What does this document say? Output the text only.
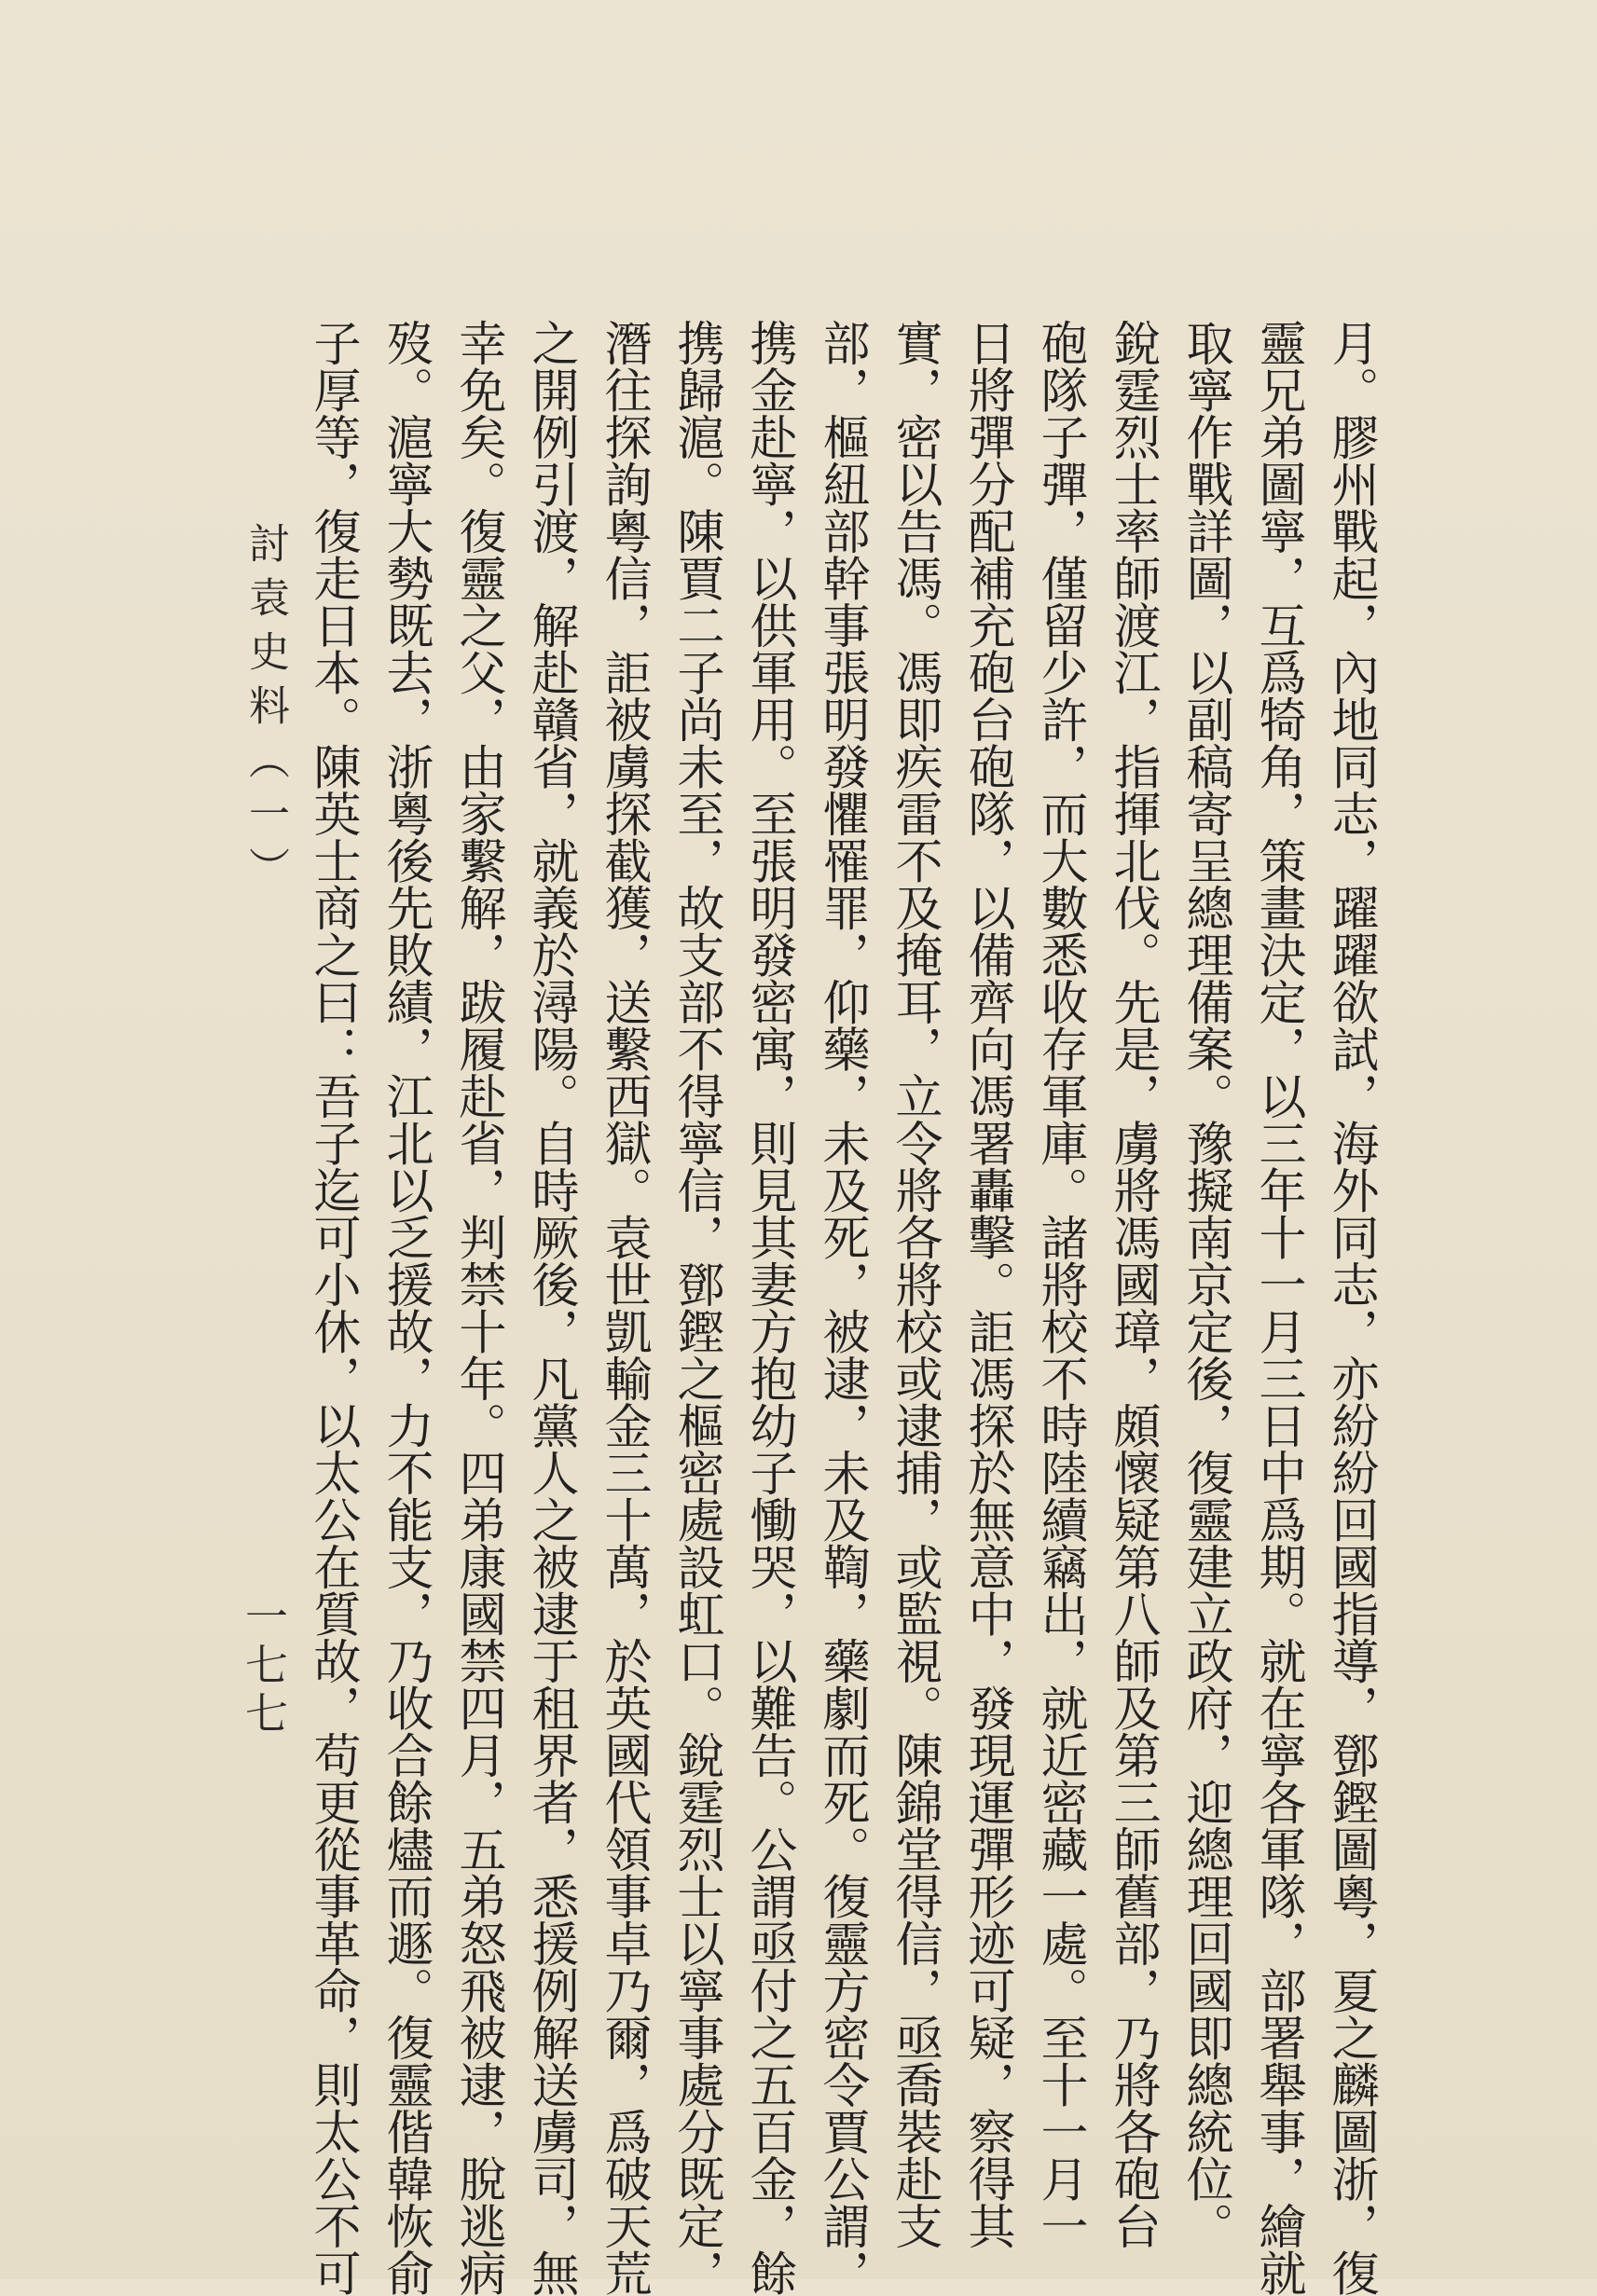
月。膠州戰起，內地同志，躍躍欲試，海外同志，亦紛紛回國指導，鄧鏗圖粵，夏之麟圖浙，復
靈兄弟圖寧，互爲犄角，策畫決定，以三年十一月三日中爲期。就在寧各軍隊，部署舉事，繪就
取寧作戰詳圖，以副稿寄呈總理備案。豫擬南京定後，復靈建立政府，迎總理回國即總統位。
銳霆烈士率師渡江，指揮北伐。先是，虜將馮國璋，頗懷疑第八師及第三師舊部，乃將各砲台
砲隊子彈，僅留少許，而大數悉收存軍庫。諸將校不時陸續竊出，就近密藏一處。至十一月一
日將彈分配補充砲台砲隊，以備齊向馮署轟擊。詎馮探於無意中，發現運彈形迹可疑，察得其
實，密以告馮。馮即疾雷不及掩耳，立令將各將校或逮捕，或監視。陳錦堂得信，亟喬裝赴支
部，樞紐部幹事張明發懼罹罪，仰藥，未及死，被逮，未及鞫，藥劇而死。復靈方密令賈公謂，
携金赴寧，以供軍用。至張明發密寓，則見其妻方抱幼子慟哭，以難告。公謂亟付之五百金，餘
携歸滬。陳賈二子尚未至，故支部不得寧信，鄧鏗之樞密處設虹口。銳霆烈士以寧事處分既定，
潛往探詢粵信，詎被虜探截獲，送繫西獄。袁世凱輸金三十萬，於英國代領事卓乃爾，爲破天荒
之開例引渡，解赴贛省，就義於潯陽。自時厥後，凡黨人之被逮于租界者，悉援例解送虜司，無
幸免矣。復靈之父，由家繫解，跋履赴省，判禁十年。四弟康國禁四月，五弟怒飛被逮，脫逃病
歿。滬寧大勢既去，浙粵後先敗績，江北以乏援故，力不能支，乃收合餘燼而遯。復靈偕韓恢俞
子厚等，復走日本。陳英士商之曰：吾子迄可小休，以太公在質故，苟更從事革命，則太公不可
討袁史料（一）
一七七
